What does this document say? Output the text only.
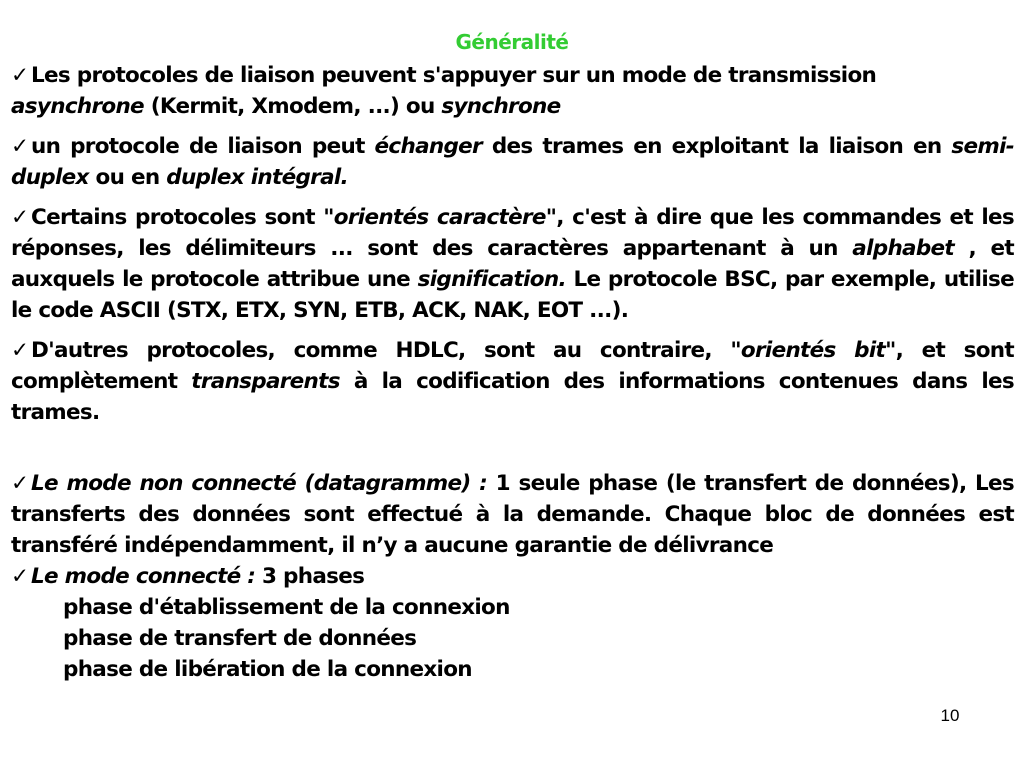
Généralité

✓Les protocoles de liaison peuvent s'appuyer sur un mode de transmission asynchrone (Kermit, Xmodem, ...) ou synchrone

✓un protocole de liaison peut échanger des trames en exploitant la liaison en semi-duplex ou en duplex intégral.

✓Certains protocoles sont "orientés caractère", c'est à dire que les commandes et les réponses, les délimiteurs ... sont des caractères appartenant à un alphabet , et auxquels le protocole attribue une signification. Le protocole BSC, par exemple, utilise le code ASCII (STX, ETX, SYN, ETB, ACK, NAK, EOT ...).

✓D'autres protocoles, comme HDLC, sont au contraire, "orientés bit", et sont complètement transparents à la codification des informations contenues dans les trames.

✓Le mode non connecté (datagramme) : 1 seule phase (le transfert de données), Les transferts des données sont effectué à la demande. Chaque bloc de données est transféré indépendamment, il n’y a aucune garantie de délivrance

✓Le mode connecté : 3 phases

phase d'établissement de la connexion
phase de transfert de données
phase de libération de la connexion
10
